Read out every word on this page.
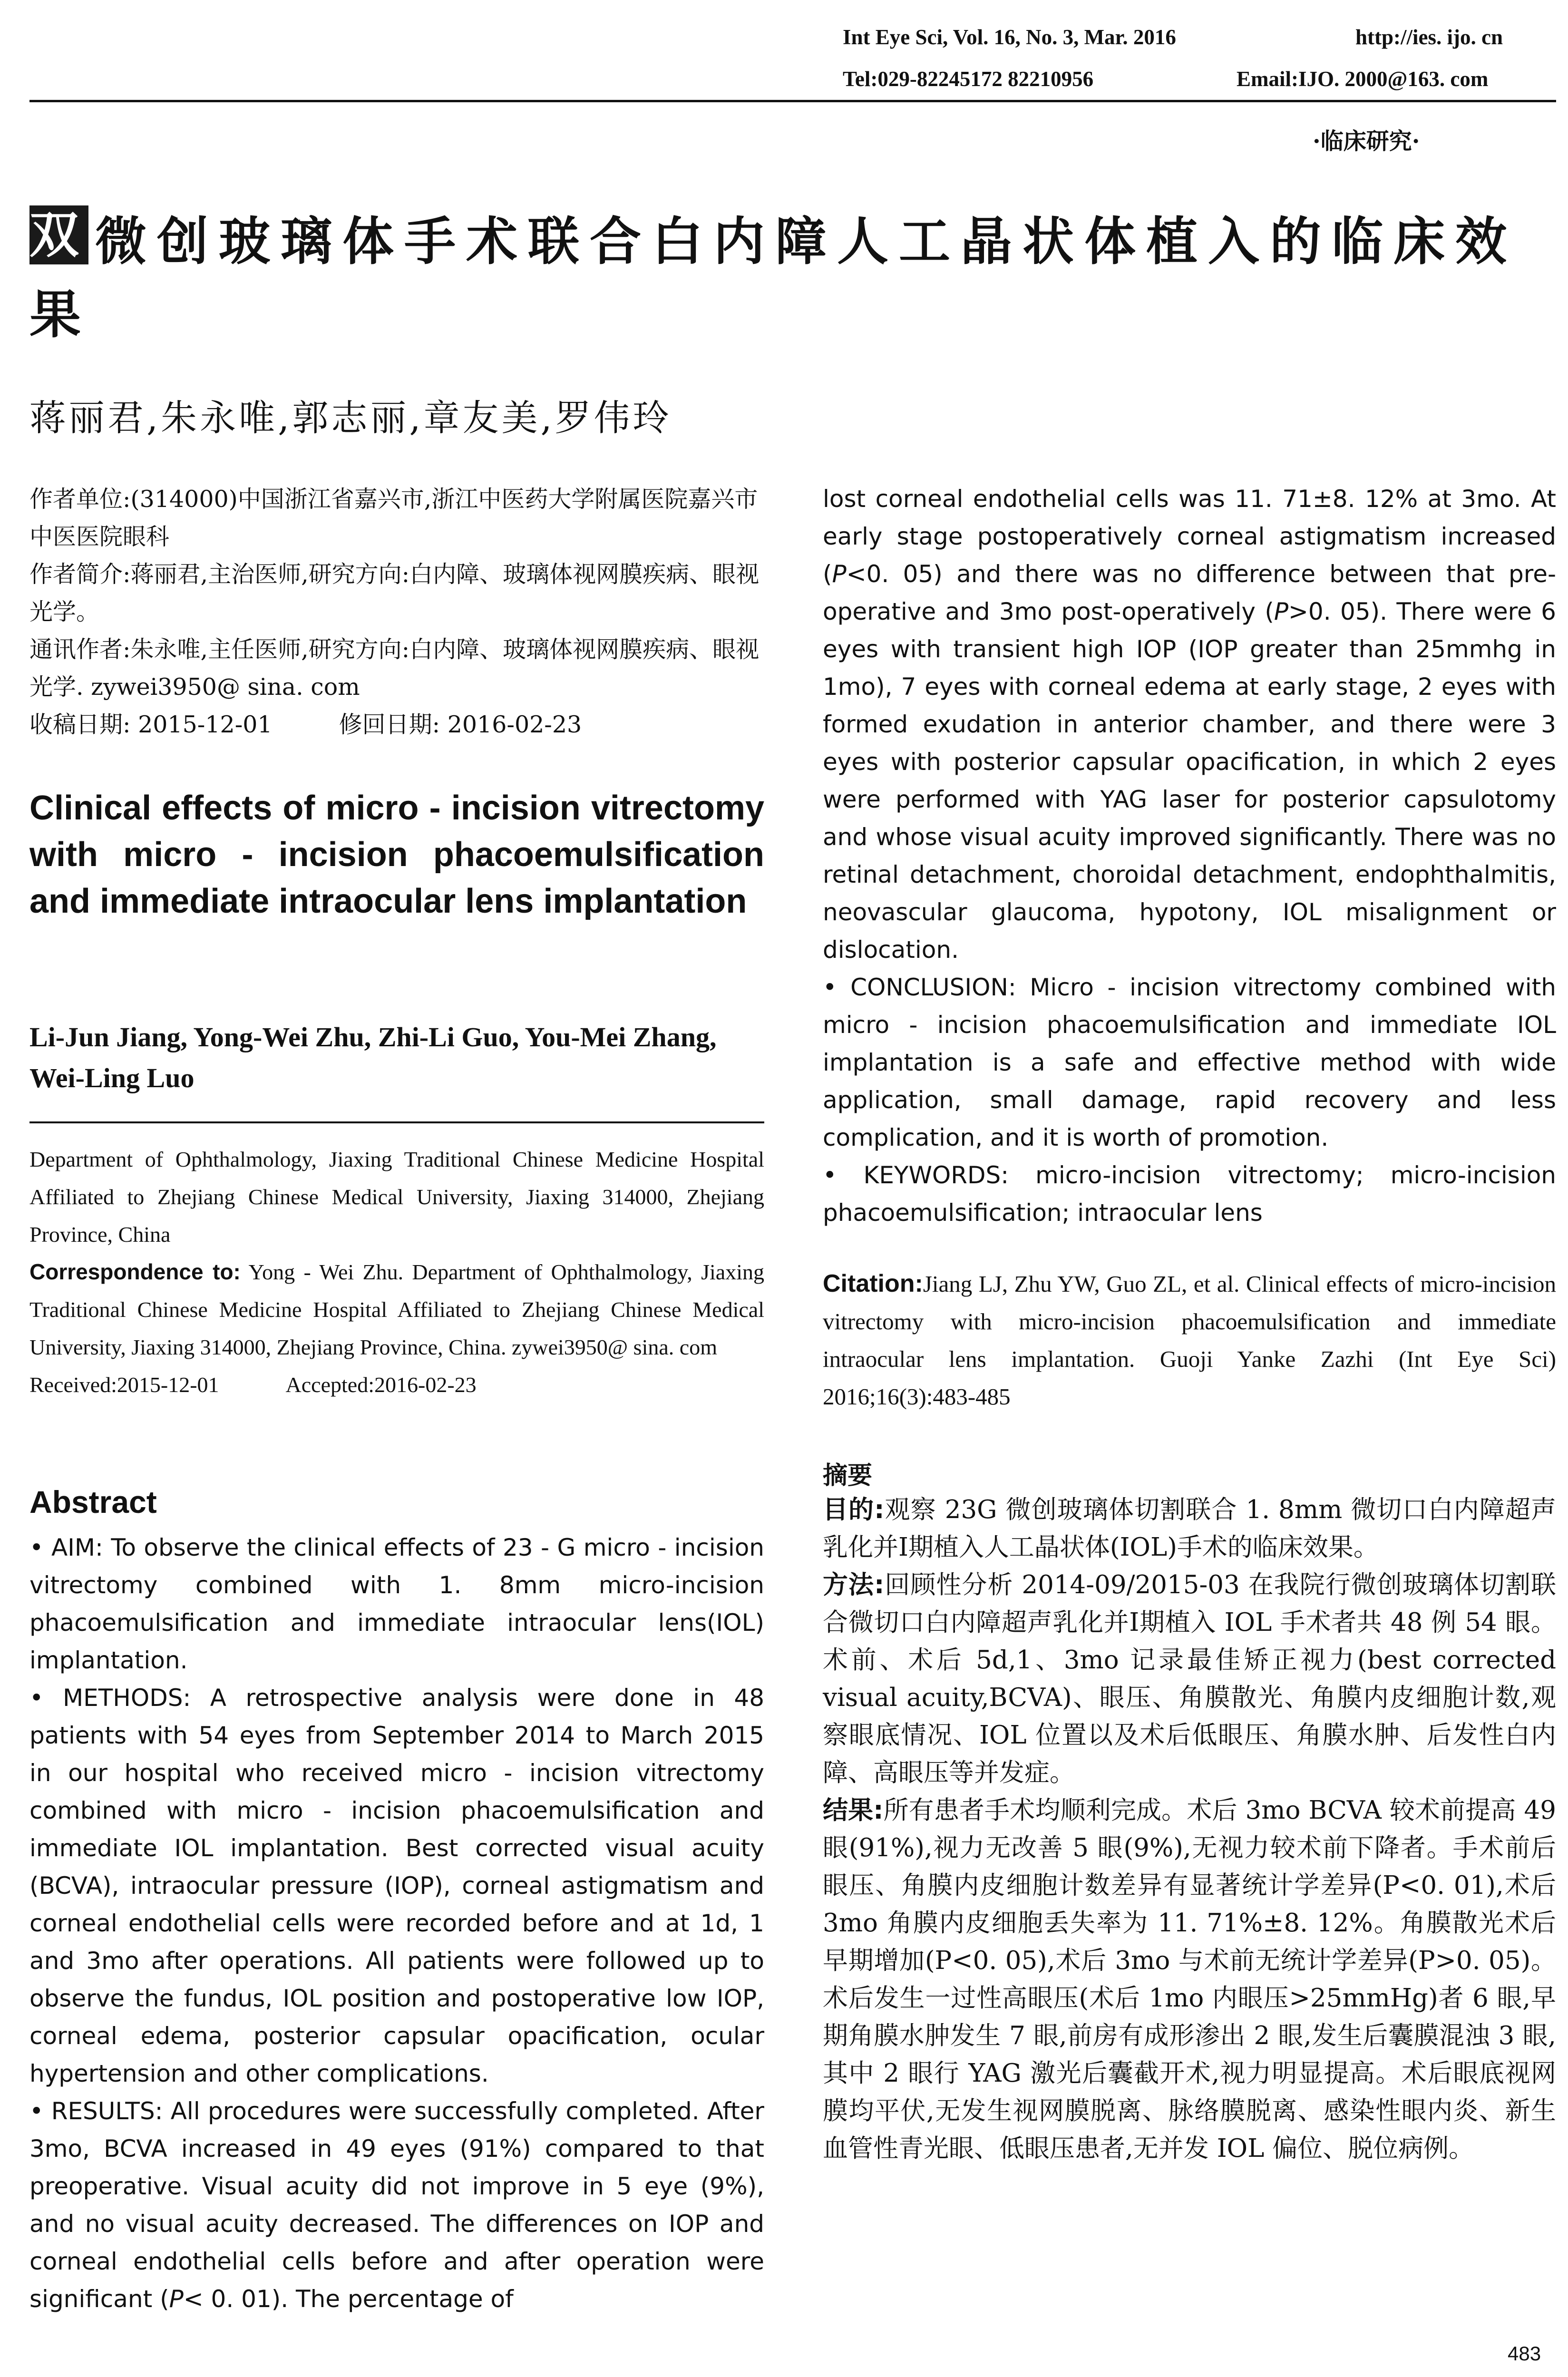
Int Eye Sci, Vol. 16, No. 3, Mar. 2016	http://ies. ijo. cn
Tel:029-82245172 82210956	Email:IJO. 2000@163. com
·临床研究·
双 微创玻璃体手术联合白内障人工晶状体植入的临床效果
蒋丽君,朱永唯,郭志丽,章友美,罗伟玲

作者单位:(314000)中国浙江省嘉兴市,浙江中医药大学附属医院嘉兴市中医医院眼科

作者简介:蒋丽君,主治医师,研究方向:白内障、玻璃体视网膜疾病、眼视光学。

通讯作者:朱永唯,主任医师,研究方向:白内障、玻璃体视网膜疾病、眼视光学. zywei3950@ sina. com

收稿日期: 2015-12-01	修回日期: 2016-02-23

Clinical effects of micro - incision vitrectomy with micro - incision phacoemulsification and immediate intraocular lens implantation
Li-Jun Jiang, Yong-Wei Zhu, Zhi-Li Guo, You-Mei Zhang, Wei-Ling Luo
Department of Ophthalmology, Jiaxing Traditional Chinese Medicine Hospital Affiliated to Zhejiang Chinese Medical University, Jiaxing 314000, Zhejiang Province, China
Correspondence to: Yong - Wei Zhu. Department of Ophthalmology, Jiaxing Traditional Chinese Medicine Hospital Affiliated to Zhejiang Chinese Medical University, Jiaxing 314000, Zhejiang Province, China. zywei3950@ sina. com
Received:2015-12-01	Accepted:2016-02-23
Abstract

• AIM: To observe the clinical effects of 23 - G micro - incision vitrectomy combined with 1. 8mm micro-incision phacoemulsification and immediate intraocular lens(IOL) implantation.

• METHODS: A retrospective analysis were done in 48 patients with 54 eyes from September 2014 to March 2015 in our hospital who received micro - incision vitrectomy combined with micro - incision phacoemulsification and immediate IOL implantation. Best corrected visual acuity (BCVA), intraocular pressure (IOP), corneal astigmatism and corneal endothelial cells were recorded before and at 1d, 1 and 3mo after operations. All patients were followed up to observe the fundus, IOL position and postoperative low IOP, corneal edema, posterior capsular opacification, ocular hypertension and other complications.

• RESULTS: All procedures were successfully completed. After 3mo, BCVA increased in 49 eyes (91%) compared to that preoperative. Visual acuity did not improve in 5 eye (9%), and no visual acuity decreased. The differences on IOP and corneal endothelial cells before and after operation were significant (P< 0. 01). The percentage of

lost corneal endothelial cells was 11. 71±8. 12% at 3mo. At early stage postoperatively corneal astigmatism increased (P<0. 05) and there was no difference between that pre-operative and 3mo post-operatively (P>0. 05). There were 6 eyes with transient high IOP (IOP greater than 25mmhg in 1mo), 7 eyes with corneal edema at early stage, 2 eyes with formed exudation in anterior chamber, and there were 3 eyes with posterior capsular opacification, in which 2 eyes were performed with YAG laser for posterior capsulotomy and whose visual acuity improved significantly. There was no retinal detachment, choroidal detachment, endophthalmitis, neovascular glaucoma, hypotony, IOL misalignment or dislocation.

• CONCLUSION: Micro - incision vitrectomy combined with micro - incision phacoemulsification and immediate IOL implantation is a safe and effective method with wide application, small damage, rapid recovery and less complication, and it is worth of promotion.

• KEYWORDS: micro-incision vitrectomy; micro-incision phacoemulsification; intraocular lens

Citation:Jiang LJ, Zhu YW, Guo ZL, et al. Clinical effects of micro-incision vitrectomy with micro-incision phacoemulsification and immediate intraocular lens implantation. Guoji Yanke Zazhi (Int Eye Sci) 2016;16(3):483-485
摘要

目的:观察 23G 微创玻璃体切割联合 1. 8mm 微切口白内障超声乳化并Ⅰ期植入人工晶状体(IOL)手术的临床效果。

方法:回顾性分析 2014-09/2015-03 在我院行微创玻璃体切割联合微切口白内障超声乳化并Ⅰ期植入 IOL 手术者共 48 例 54 眼。术前、术后 5d,1、3mo 记录最佳矫正视力(best corrected visual acuity,BCVA)、眼压、角膜散光、角膜内皮细胞计数,观察眼底情况、IOL 位置以及术后低眼压、角膜水肿、后发性白内障、高眼压等并发症。

结果:所有患者手术均顺利完成。术后 3mo BCVA 较术前提高 49 眼(91%),视力无改善 5 眼(9%),无视力较术前下降者。手术前后眼压、角膜内皮细胞计数差异有显著统计学差异(P<0. 01),术后 3mo 角膜内皮细胞丢失率为 11. 71%±8. 12%。角膜散光术后早期增加(P<0. 05),术后 3mo 与术前无统计学差异(P>0. 05)。术后发生一过性高眼压(术后 1mo 内眼压>25mmHg)者 6 眼,早期角膜水肿发生 7 眼,前房有成形渗出 2 眼,发生后囊膜混浊 3 眼,其中 2 眼行 YAG 激光后囊截开术,视力明显提高。术后眼底视网膜均平伏,无发生视网膜脱离、脉络膜脱离、感染性眼内炎、新生血管性青光眼、低眼压患者,无并发 IOL 偏位、脱位病例。

483
